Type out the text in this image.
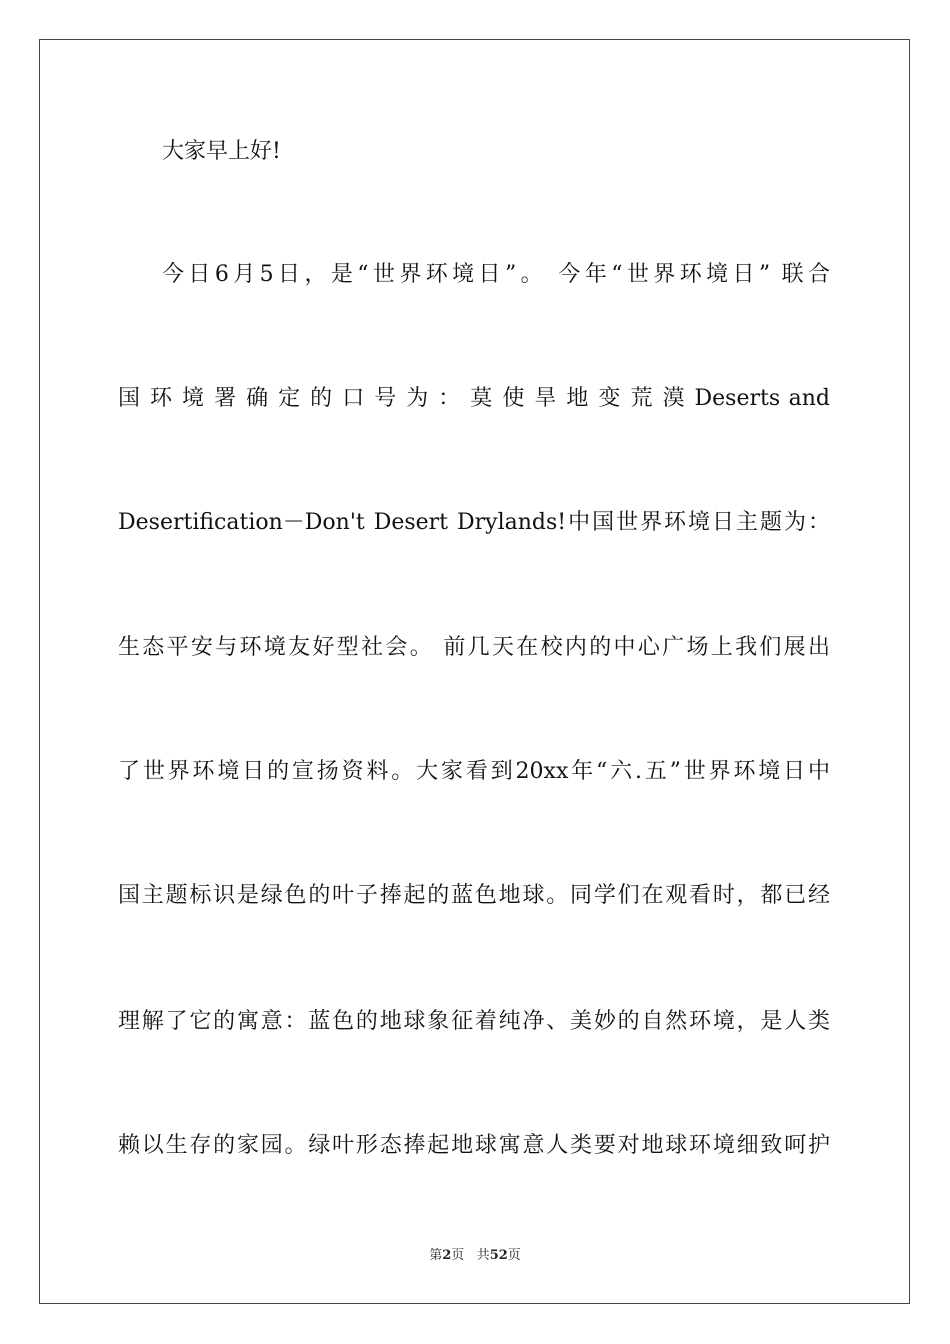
大家早上好!
今日6月5日，是“世界环境日”。 今年“世界环境日” 联合
国 环 境 署 确 定 的 口 号 为 ： 莫 使 旱 地 变 荒 漠 Deserts and
Desertification－Don't Desert Drylands!中国世界环境日主题为：
生态平安与环境友好型社会。 前几天在校内的中心广场上我们展出
了世界环境日的宣扬资料。大家看到20xx年“六.五”世界环境日中
国主题标识是绿色的叶子捧起的蓝色地球。同学们在观看时，都已经
理解了它的寓意：蓝色的地球象征着纯净、美妙的自然环境，是人类
赖以生存的家园。绿叶形态捧起地球寓意人类要对地球环境细致呵护
第2页 共52页
